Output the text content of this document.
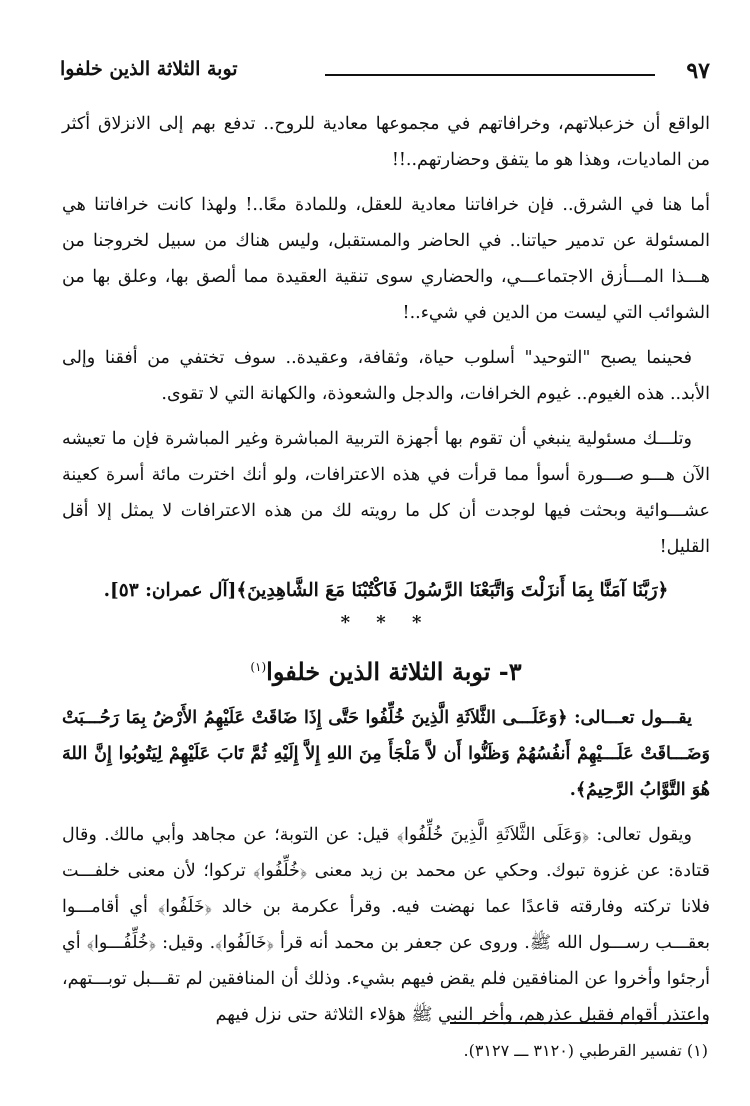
٩٧
توبة الثلاثة الذين خلفوا

الواقع أن خزعبلاتهم، وخرافاتهم في مجموعها معادية للروح.. تدفع بهم إلى الانزلاق أكثر من الماديات، وهذا هو ما يتفق وحضارتهم..!!

أما هنا في الشرق.. فإن خرافاتنا معادية للعقل، وللمادة معًا..! ولهذا كانت خرافاتنا هي المسئولة عن تدمير حياتنا.. في الحاضر والمستقبل، وليس هناك من سبيل لخروجنا من هـــذا المـــأزق الاجتماعـــي، والحضاري سوى تنقية العقيدة مما ألصق بها، وعلق بها من الشوائب التي ليست من الدين في شيء..!

فحينما يصبح "التوحيد" أسلوب حياة، وثقافة، وعقيدة.. سوف تختفي من أفقنا وإلى الأبد.. هذه الغيوم.. غيوم الخرافات، والدجل والشعوذة، والكهانة التي لا تقوى.

وتلـــك مسئولية ينبغي أن تقوم بها أجهزة التربية المباشرة وغير المباشرة فإن ما تعيشه الآن هـــو صـــورة أسوأ مما قرأت في هذه الاعترافات، ولو أنك اخترت مائة أسرة كعينة عشـــوائية وبحثت فيها لوجدت أن كل ما رويته لك من هذه الاعترافات لا يمثل إلا أقل القليل!

﴿رَبَّنَا آمَنَّا بِمَا أَنزَلْتَ وَاتَّبَعْنَا الرَّسُولَ فَاكْتُبْنَا مَعَ الشَّاهِدِينَ﴾[آل عمران: ٥٣].

* * *

٣- توبة الثلاثة الذين خلفوا$^{(١)}$

يقـــول تعـــالى: ﴿وَعَلَـــى الثَّلاَثَةِ الَّذِينَ خُلِّفُوا حَتَّى إِذَا ضَاقَتْ عَلَيْهِمُ الأَرْضُ بِمَا رَحُـــبَتْ وَضَـــاقَتْ عَلَـــيْهِمْ أَنفُسُهُمْ وَظَنُّوا أَن لاَّ مَلْجَأَ مِنَ اللهِ إِلاَّ إِلَيْهِ ثُمَّ تَابَ عَلَيْهِمْ لِيَتُوبُوا إِنَّ اللهَ هُوَ التَّوَّابُ الرَّحِيمُ﴾.

ويقول تعالى: ﴿وَعَلَى الثَّلاَثَةِ الَّذِينَ خُلِّفُوا﴾ قيل: عن التوبة؛ عن مجاهد وأبي مالك. وقال قتادة: عن غزوة تبوك. وحكي عن محمد بن زيد معنى ﴿خُلِّفُوا﴾ تركوا؛ لأن معنى خلفـــت فلانا تركته وفارقته قاعدًا عما نهضت فيه. وقرأ عكرمة بن خالد ﴿خَلَفُوا﴾ أي أقامـــوا بعقـــب رســـول الله ﷺ. وروى عن جعفر بن محمد أنه قرأ ﴿خَالَفُوا﴾. وقيل: ﴿خُلِّفُـــوا﴾ أي أرجئوا وأخروا عن المنافقين فلم يقض فيهم بشيء. وذلك أن المنافقين لم تقـــبل توبـــتهم، واعتذر أقوام فقبل عذرهم، وأخر النبي ﷺ هؤلاء الثلاثة حتى نزل فيهم

(١) تفسير القرطبي (٣١٢٠ ـــ ٣١٢٧).
